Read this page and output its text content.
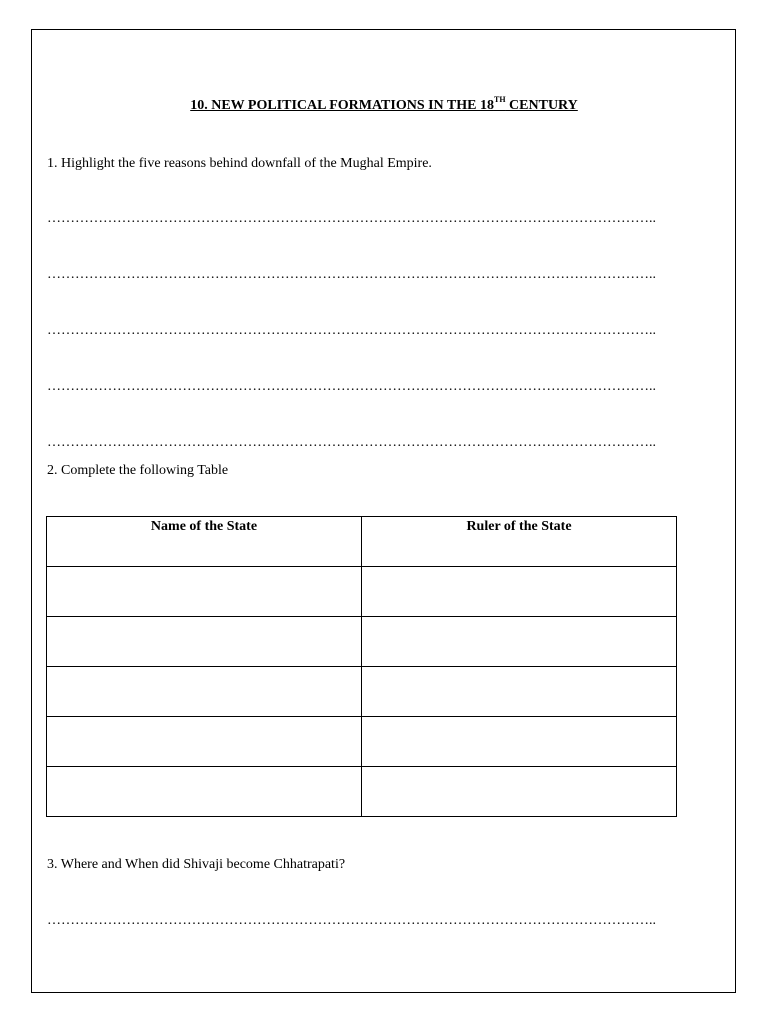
10. NEW POLITICAL FORMATIONS IN THE 18TH CENTURY
1. Highlight the five reasons behind downfall of the Mughal Empire.
…………………………………………………………………………………………………………………..
…………………………………………………………………………………………………………………..
…………………………………………………………………………………………………………………..
…………………………………………………………………………………………………………………..
…………………………………………………………………………………………………………………..
2. Complete the following Table
Name of the State	Ruler of the State

3. Where and When did Shivaji become Chhatrapati?
…………………………………………………………………………………………………………………..
